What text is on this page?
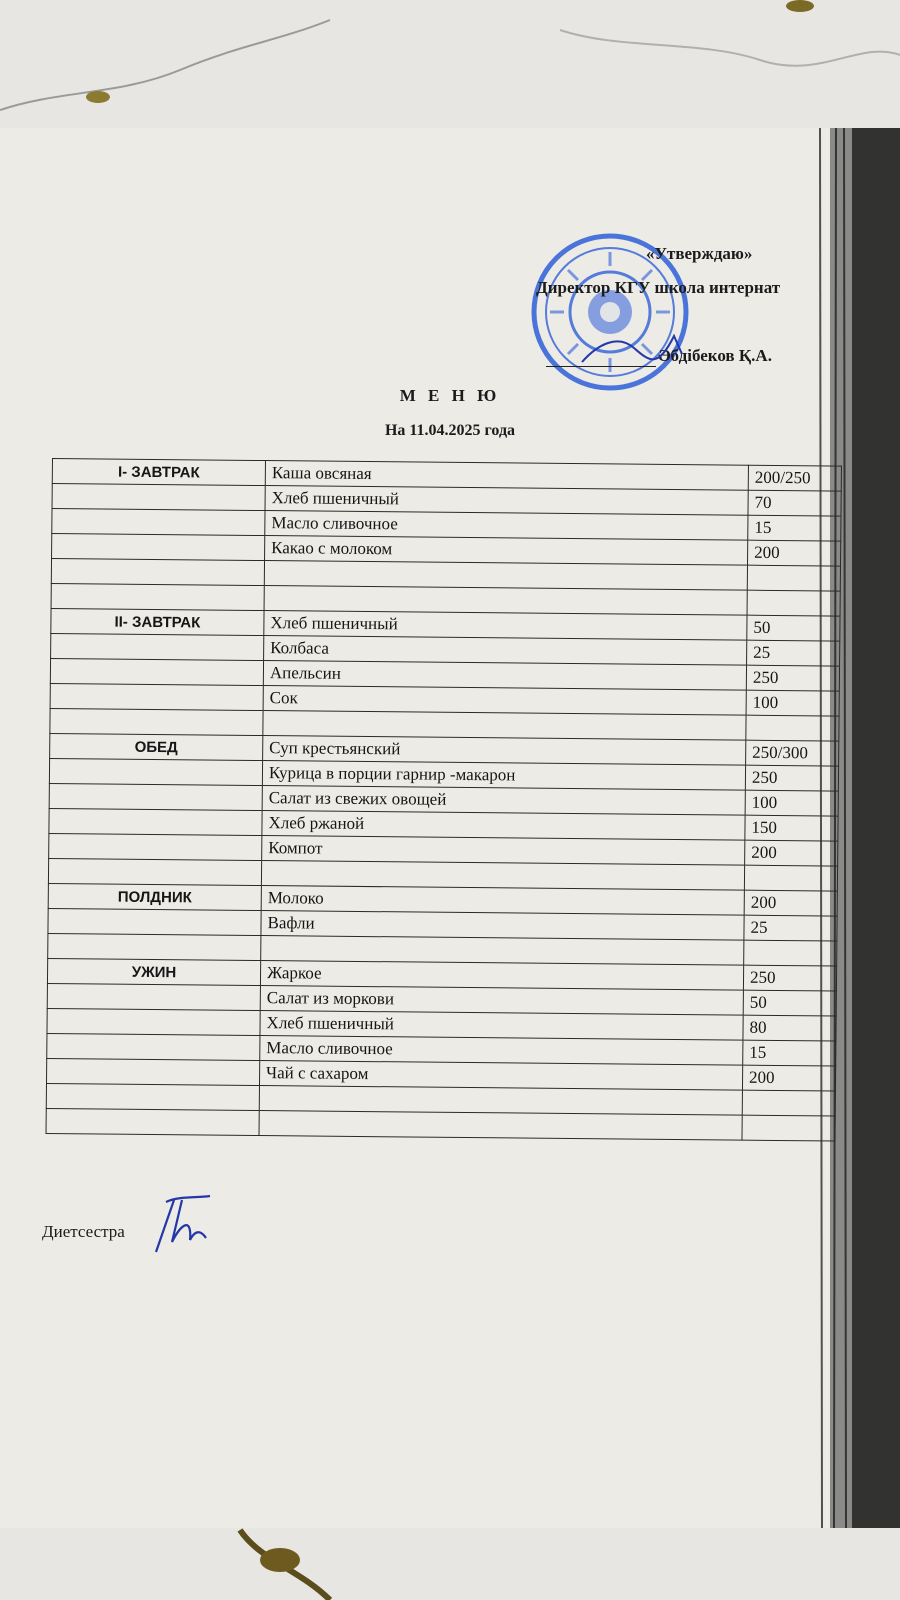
«Утверждаю»
Директор КГУ школа интернат
Әбдібеков Қ.А.
М Е Н Ю
На 11.04.2025 года
I- ЗАВТРАК	Каша овсяная	200/250
	Хлеб пшеничный	70
	Масло сливочное	15
	Какао с молоком	200

II- ЗАВТРАК	Хлеб пшеничный	50
	Колбаса	25
	Апельсин	250
	Сок	100

ОБЕД	Суп крестьянский	250/300
	Курица в порции гарнир -макарон	250
	Салат из свежих овощей	100
	Хлеб ржаной	150
	Компот	200

ПОЛДНИК	Молоко	200
	Вафли	25

УЖИН	Жаркое	250
	Салат из моркови	50
	Хлеб пшеничный	80
	Масло сливочное	15
	Чай с сахаром	200

Диетсестра
